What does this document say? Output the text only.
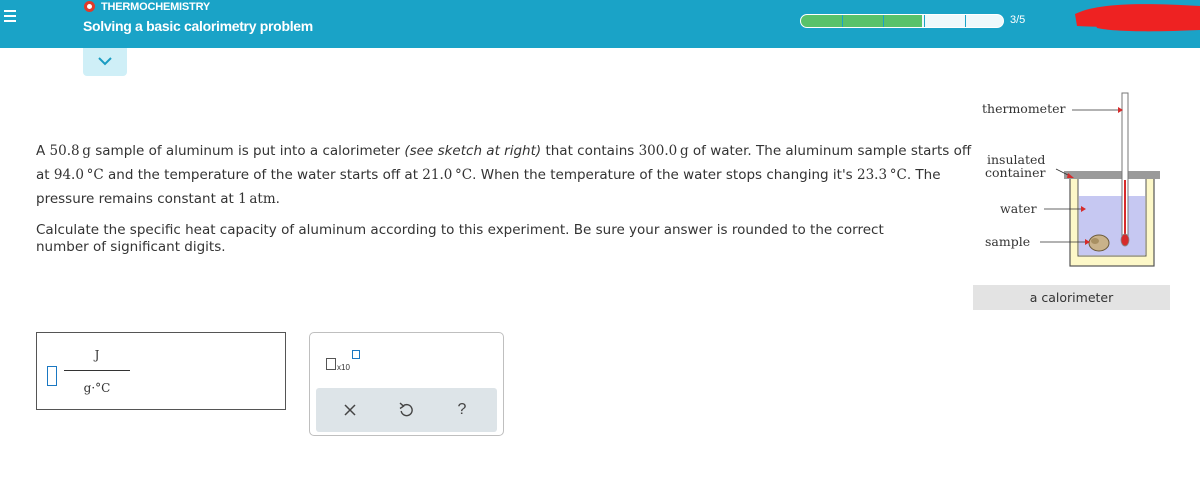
THERMOCHEMISTRY
Solving a basic calorimetry problem	3/5
A 50.8  g sample of aluminum is put into a calorimeter (see sketch at right) that contains 300.0  g of water. The aluminum sample starts off at 94.0  °C and the temperature of the water starts off at 21.0  °C. When the temperature of the water stops changing it's 23.3  °C. The pressure remains constant at 1  atm.
Calculate the specific heat capacity of aluminum according to this experiment. Be sure your answer is rounded to the correct number of significant digits.
J
g·°C
x10
?
thermometer
insulated
container
water
sample
a calorimeter
